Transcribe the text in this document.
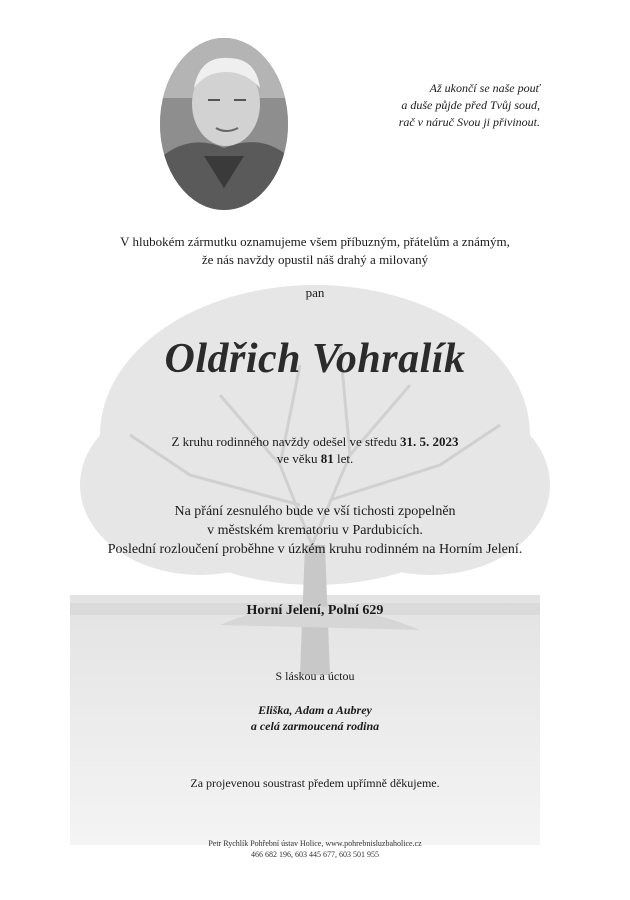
Až ukončí se naše pouť
a duše půjde před Tvůj soud,
rač v náruč Svou ji přivinout.
V hlubokém zármutku oznamujeme všem příbuzným, přátelům a známým,
že nás navždy opustil náš drahý a milovaný
pan
Oldřich Vohralík
Z kruhu rodinného navždy odešel ve středu 31. 5. 2023
ve věku 81 let.
Na přání zesnulého bude ve vší tichosti zpopelněn
v městském krematoriu v Pardubicích.
Poslední rozloučení proběhne v úzkém kruhu rodinném na Horním Jelení.
Horní Jelení, Polní 629
S láskou a úctou
Eliška, Adam a Aubrey
a celá zarmoucená rodina
Za projevenou soustrast předem upřímně děkujeme.
Petr Rychlík Pohřební ústav Holice, www.pohrebnisluzbaholice.cz
466 682 196, 603 445 677, 603 501 955
